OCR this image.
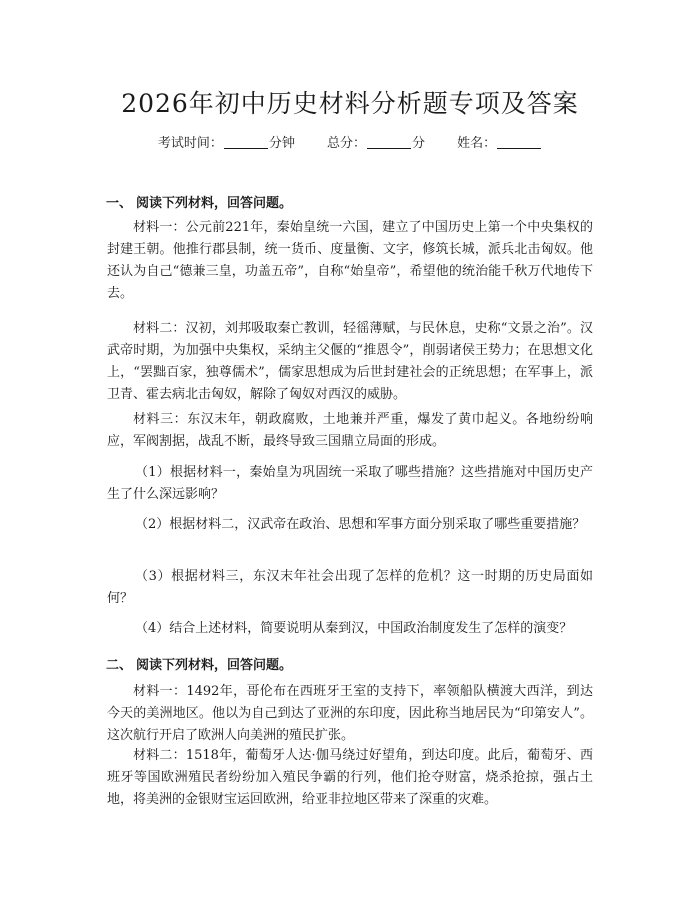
2026年初中历史材料分析题专项及答案
考试时间：	分钟 总分：	分 姓名：
一、 阅读下列材料，回答问题。

材料一：公元前221年，秦始皇统一六国，建立了中国历史上第一个中央集权的封建王朝。他推行郡县制，统一货币、度量衡、文字，修筑长城，派兵北击匈奴。他还认为自己“德兼三皇，功盖五帝”，自称“始皇帝”，希望他的统治能千秋万代地传下去。

材料二：汉初，刘邦吸取秦亡教训，轻徭薄赋，与民休息，史称“文景之治”。汉武帝时期，为加强中央集权，采纳主父偃的“推恩令”，削弱诸侯王势力；在思想文化上，“罢黜百家，独尊儒术”，儒家思想成为后世封建社会的正统思想；在军事上，派卫青、霍去病北击匈奴，解除了匈奴对西汉的威胁。

材料三：东汉末年，朝政腐败，土地兼并严重，爆发了黄巾起义。各地纷纷响应，军阀割据，战乱不断，最终导致三国鼎立局面的形成。

（1）根据材料一，秦始皇为巩固统一采取了哪些措施？这些措施对中国历史产生了什么深远影响？

（2）根据材料二，汉武帝在政治、思想和军事方面分别采取了哪些重要措施？

（3）根据材料三，东汉末年社会出现了怎样的危机？这一时期的历史局面如何？

（4）结合上述材料，简要说明从秦到汉，中国政治制度发生了怎样的演变？

二、 阅读下列材料，回答问题。

材料一：1492年，哥伦布在西班牙王室的支持下，率领船队横渡大西洋，到达今天的美洲地区。他以为自己到达了亚洲的东印度，因此称当地居民为“印第安人”。这次航行开启了欧洲人向美洲的殖民扩张。

材料二：1518年，葡萄牙人达·伽马绕过好望角，到达印度。此后，葡萄牙、西班牙等国欧洲殖民者纷纷加入殖民争霸的行列，他们抢夺财富，烧杀抢掠，强占土地，将美洲的金银财宝运回欧洲，给亚非拉地区带来了深重的灾难。
